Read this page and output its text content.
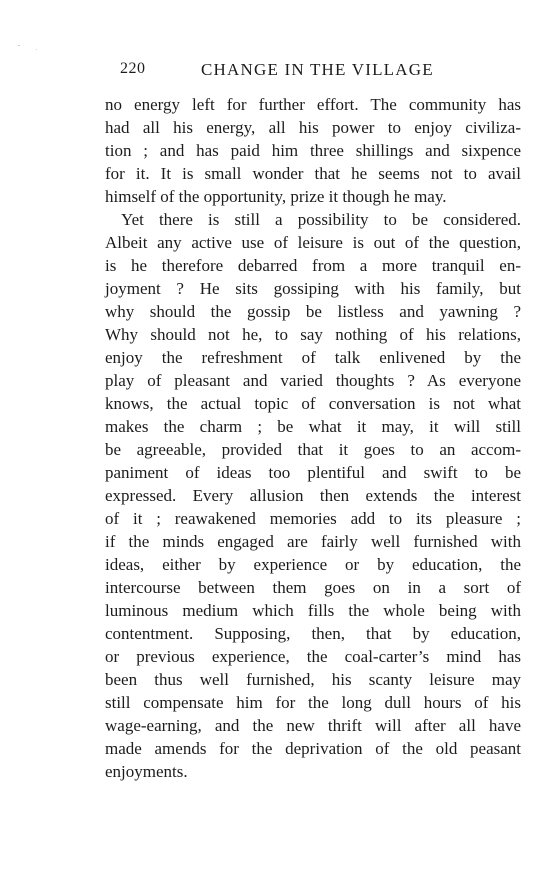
220	CHANGE IN THE VILLAGE
no energy left for further effort. The community has
had all his energy, all his power to enjoy civiliza-
tion ; and has paid him three shillings and sixpence
for it. It is small wonder that he seems not to avail
himself of the opportunity, prize it though he may.
Yet there is still a possibility to be considered.
Albeit any active use of leisure is out of the question,
is he therefore debarred from a more tranquil en-
joyment ? He sits gossiping with his family, but
why should the gossip be listless and yawning ?
Why should not he, to say nothing of his relations,
enjoy the refreshment of talk enlivened by the
play of pleasant and varied thoughts ? As everyone
knows, the actual topic of conversation is not what
makes the charm ; be what it may, it will still
be agreeable, provided that it goes to an accom-
paniment of ideas too plentiful and swift to be
expressed. Every allusion then extends the interest
of it ; reawakened memories add to its pleasure ;
if the minds engaged are fairly well furnished with
ideas, either by experience or by education, the
intercourse between them goes on in a sort of
luminous medium which fills the whole being with
contentment. Supposing, then, that by education,
or previous experience, the coal-carter’s mind has
been thus well furnished, his scanty leisure may
still compensate him for the long dull hours of his
wage-earning, and the new thrift will after all have
made amends for the deprivation of the old peasant
enjoyments.
